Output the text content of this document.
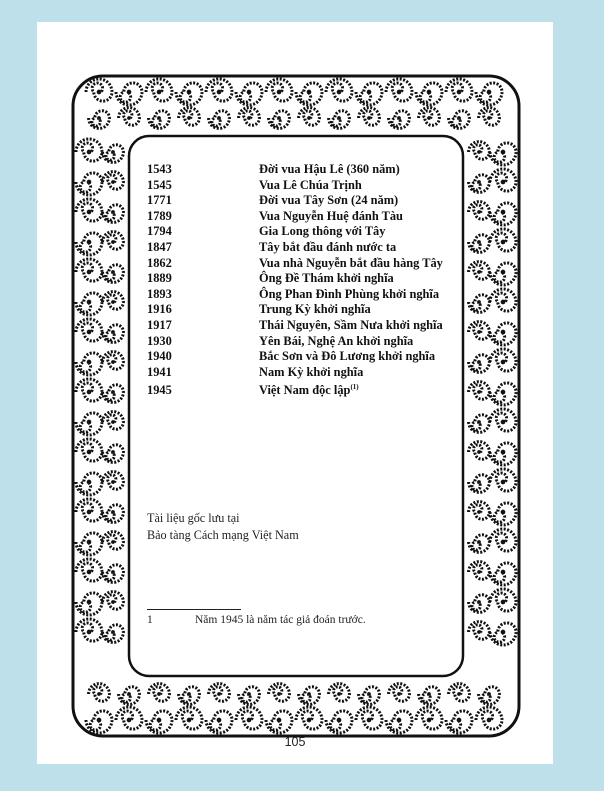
1543	Đời vua Hậu Lê (360 năm)
1545	Vua Lê Chúa Trịnh
1771	Đời vua Tây Sơn (24 năm)
1789	Vua Nguyễn Huệ đánh Tàu
1794	Gia Long thông với Tây
1847	Tây bắt đầu đánh nước ta
1862	Vua nhà Nguyễn bắt đầu hàng Tây
1889	Ông Đề Thám khởi nghĩa
1893	Ông Phan Đình Phùng khởi nghĩa
1916	Trung Kỳ khởi nghĩa
1917	Thái Nguyên, Sầm Nưa khởi nghĩa
1930	Yên Bái, Nghệ An khởi nghĩa
1940	Bắc Sơn và Đô Lương khởi nghĩa
1941	Nam Kỳ khởi nghĩa
1945	Việt Nam độc lập$^{(1)}$
Tài liệu gốc lưu tại
Bảo tàng Cách mạng Việt Nam
1	Năm 1945 là năm tác giả đoán trước.
105
